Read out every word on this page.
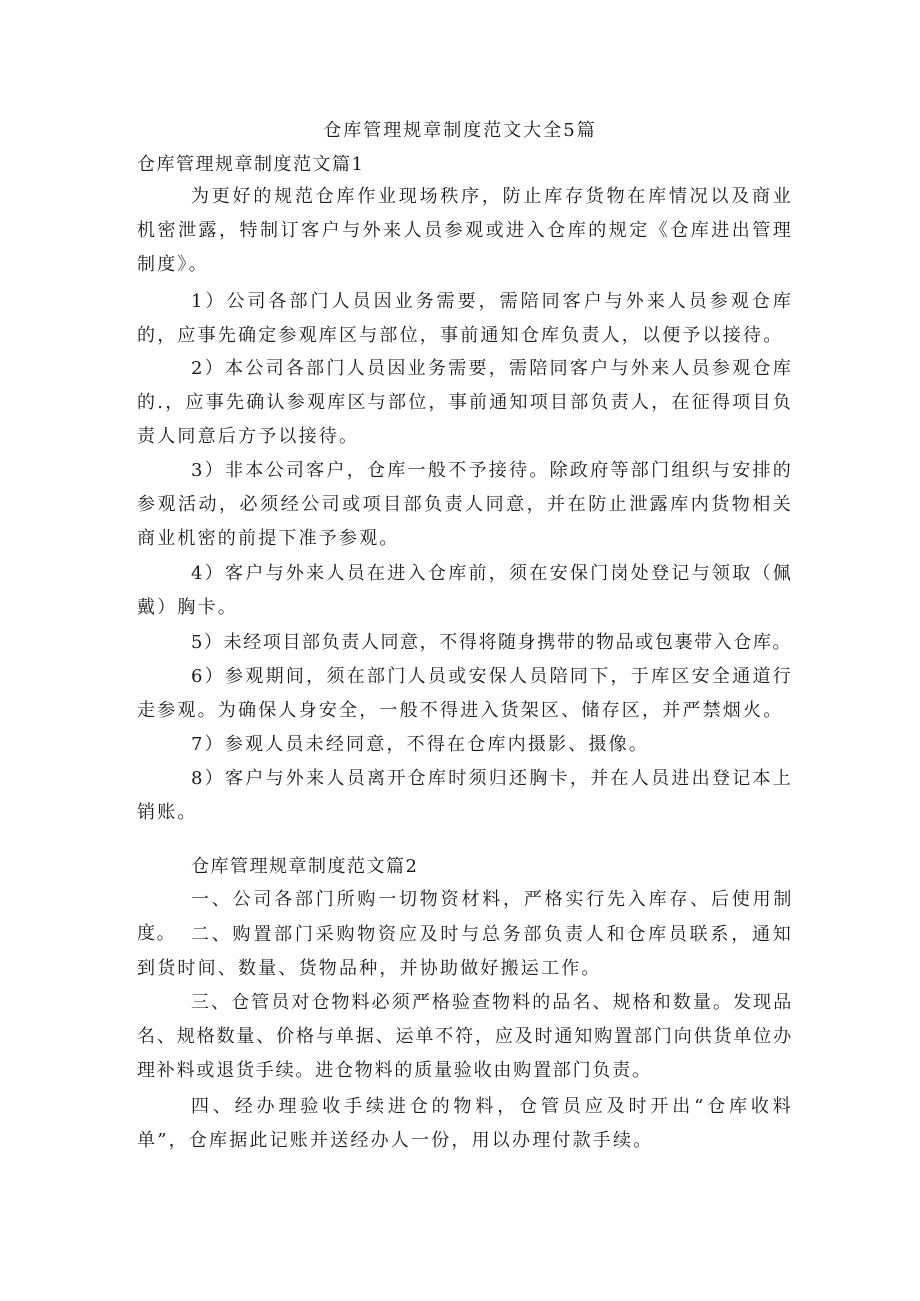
仓库管理规章制度范文大全5篇
仓库管理规章制度范文篇1

为更好的规范仓库作业现场秩序，防止库存货物在库情况以及商业机密泄露，特制订客户与外来人员参观或进入仓库的规定《仓库进出管理制度》。

1）公司各部门人员因业务需要，需陪同客户与外来人员参观仓库的，应事先确定参观库区与部位，事前通知仓库负责人，以便予以接待。

2）本公司各部门人员因业务需要，需陪同客户与外来人员参观仓库的.，应事先确认参观库区与部位，事前通知项目部负责人，在征得项目负责人同意后方予以接待。

3）非本公司客户，仓库一般不予接待。除政府等部门组织与安排的参观活动，必须经公司或项目部负责人同意，并在防止泄露库内货物相关商业机密的前提下准予参观。

4）客户与外来人员在进入仓库前，须在安保门岗处登记与领取（佩戴）胸卡。

5）未经项目部负责人同意，不得将随身携带的物品或包裹带入仓库。

6）参观期间，须在部门人员或安保人员陪同下，于库区安全通道行走参观。为确保人身安全，一般不得进入货架区、储存区，并严禁烟火。

7）参观人员未经同意，不得在仓库内摄影、摄像。

8）客户与外来人员离开仓库时须归还胸卡，并在人员进出登记本上销账。

仓库管理规章制度范文篇2

一、公司各部门所购一切物资材料，严格实行先入库存、后使用制度。 二、购置部门采购物资应及时与总务部负责人和仓库员联系，通知到货时间、数量、货物品种，并协助做好搬运工作。

三、仓管员对仓物料必须严格验查物料的品名、规格和数量。发现品名、规格数量、价格与单据、运单不符，应及时通知购置部门向供货单位办理补料或退货手续。进仓物料的质量验收由购置部门负责。

四、经办理验收手续进仓的物料，仓管员应及时开出“仓库收料单”，仓库据此记账并送经办人一份，用以办理付款手续。
